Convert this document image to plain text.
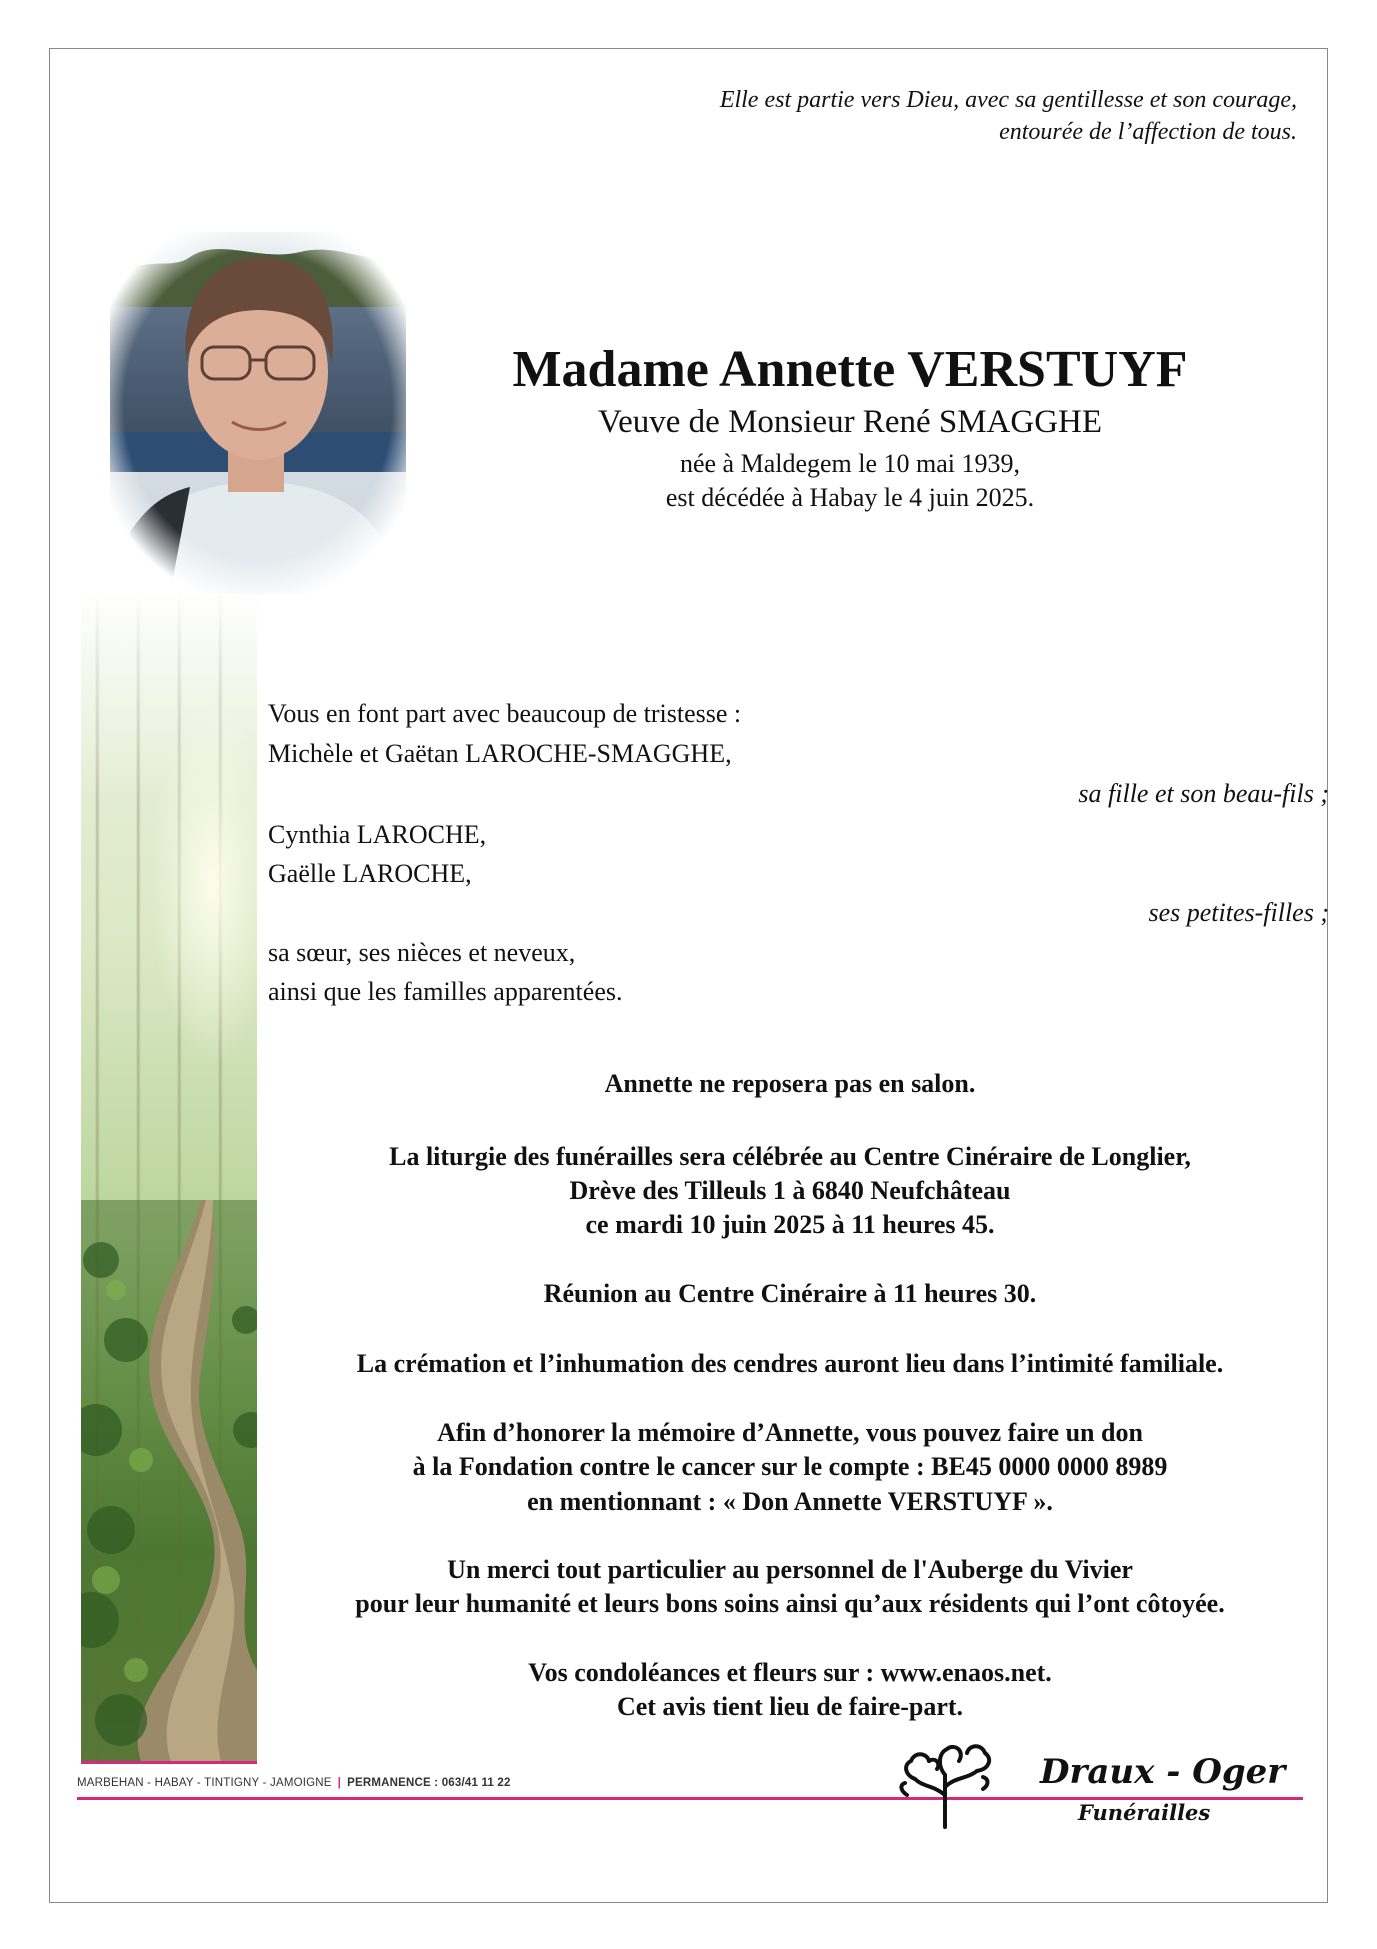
Elle est partie vers Dieu, avec sa gentillesse et son courage,
entourée de l’affection de tous.
Madame Annette VERSTUYF
Veuve de Monsieur René SMAGGHE
née à Maldegem le 10 mai 1939,
est décédée à Habay le 4 juin 2025.
Vous en font part avec beaucoup de tristesse :
Michèle et Gaëtan LAROCHE-SMAGGHE,
sa fille et son beau-fils ;
Cynthia LAROCHE,
Gaëlle LAROCHE,
ses petites-filles ;
sa sœur, ses nièces et neveux,
ainsi que les familles apparentées.
Annette ne reposera pas en salon.
La liturgie des funérailles sera célébrée au Centre Cinéraire de Longlier,
Drève des Tilleuls 1 à 6840 Neufchâteau
ce mardi 10 juin 2025 à 11 heures 45.
Réunion au Centre Cinéraire à 11 heures 30.
La crémation et l’inhumation des cendres auront lieu dans l’intimité familiale.
Afin d’honorer la mémoire d’Annette, vous pouvez faire un don
à la Fondation contre le cancer sur le compte : BE45 0000 0000 8989
en mentionnant : « Don Annette VERSTUYF ».
Un merci tout particulier au personnel de l'Auberge du Vivier
pour leur humanité et leurs bons soins ainsi qu’aux résidents qui l’ont côtoyée.
Vos condoléances et fleurs sur : www.enaos.net.
Cet avis tient lieu de faire-part.
MARBEHAN - HABAY - TINTIGNY - JAMOIGNE | PERMANENCE : 063/41 11 22	Draux - Oger
Funérailles
